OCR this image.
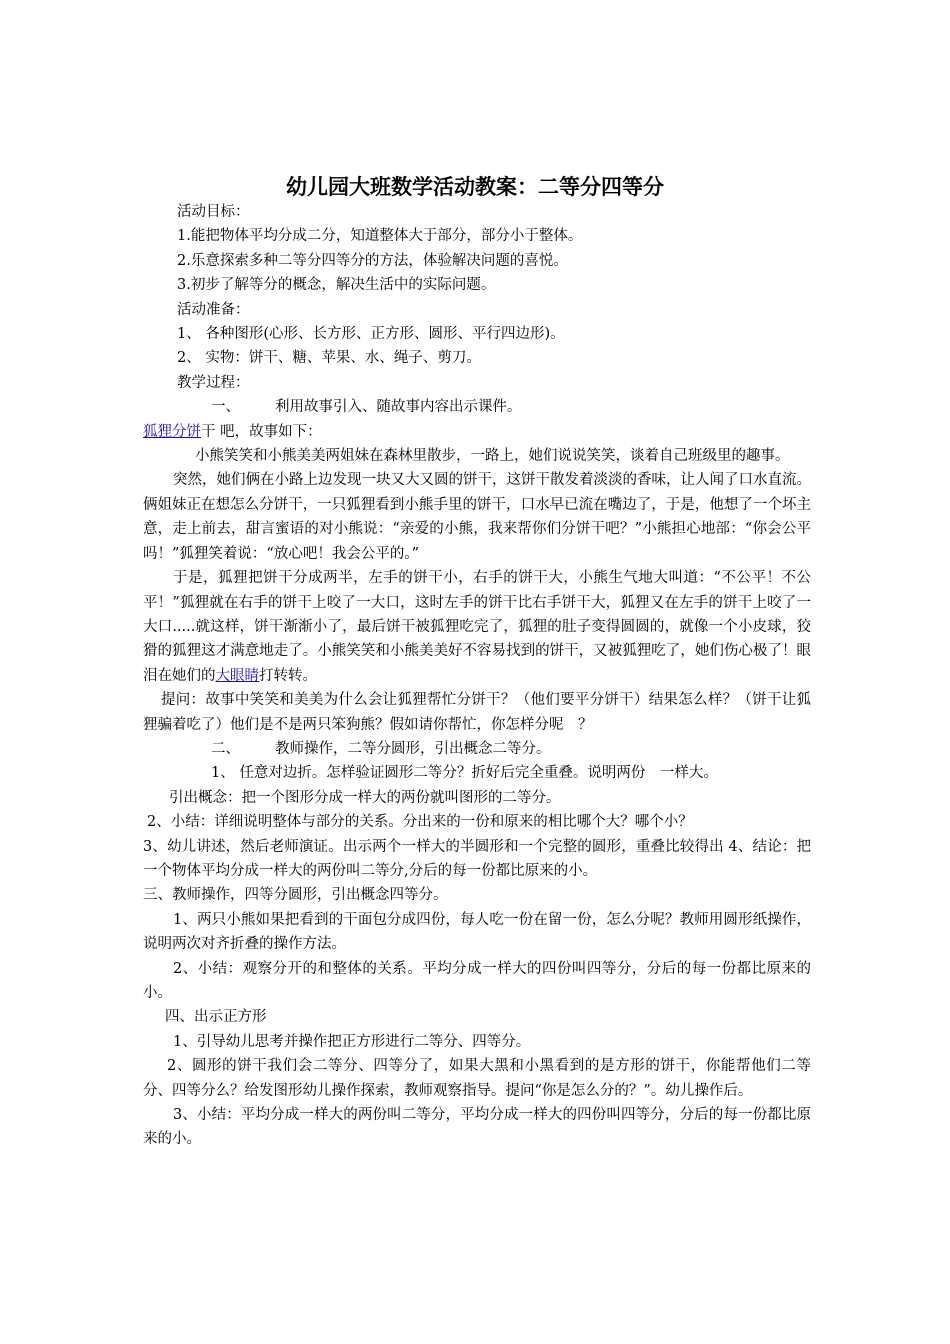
幼儿园大班数学活动教案：二等分四等分

活动目标：

1.能把物体平均分成二分，知道整体大于部分，部分小于整体。

2.乐意探索多种二等分四等分的方法，体验解决问题的喜悦。

3.初步了解等分的概念，解决生活中的实际问题。

活动准备：

1、 各种图形(心形、长方形、正方形、圆形、平行四边形)。

2、 实物：饼干、糖、苹果、水、绳子、剪刀。

教学过程：

一、 利用故事引入、随故事内容出示课件。

狐狸分饼干 吧，故事如下：

小熊笑笑和小熊美美两姐妹在森林里散步，一路上，她们说说笑笑，谈着自己班级里的趣事。

突然，她们俩在小路上边发现一块又大又圆的饼干，这饼干散发着淡淡的香味，让人闻了口水直流。俩姐妹正在想怎么分饼干，一只狐狸看到小熊手里的饼干，口水早已流在嘴边了，于是，他想了一个坏主意，走上前去，甜言蜜语的对小熊说：“亲爱的小熊，我来帮你们分饼干吧？”小熊担心地部：“你会公平吗！”狐狸笑着说：“放心吧！我会公平的。”

于是，狐狸把饼干分成两半，左手的饼干小，右手的饼干大，小熊生气地大叫道：“不公平！不公平！”狐狸就在右手的饼干上咬了一大口，这时左手的饼干比右手饼干大，狐狸又在左手的饼干上咬了一大口.....就这样，饼干渐渐小了，最后饼干被狐狸吃完了，狐狸的肚子变得圆圆的，就像一个小皮球，狡猾的狐狸这才满意地走了。小熊笑笑和小熊美美好不容易找到的饼干，又被狐狸吃了，她们伤心极了！眼泪在她们的大眼睛打转转。

提问：故事中笑笑和美美为什么会让狐狸帮忙分饼干？（他们要平分饼干）结果怎么样？（饼干让狐狸骗着吃了）他们是不是两只笨狗熊？假如请你帮忙，你怎样分呢　？

二、 教师操作，二等分圆形，引出概念二等分。

1、 任意对边折。怎样验证圆形二等分？折好后完全重叠。说明两份　一样大。

引出概念：把一个图形分成一样大的两份就叫图形的二等分。

2、小结：详细说明整体与部分的关系。分出来的一份和原来的相比哪个大？哪个小？

3、幼儿讲述，然后老师演证。出示两个一样大的半圆形和一个完整的圆形，重叠比较得出 4、结论：把一个物体平均分成一样大的两份叫二等分,分后的每一份都比原来的小。

三、教师操作，四等分圆形，引出概念四等分。

1、两只小熊如果把看到的干面包分成四份，每人吃一份在留一份，怎么分呢？教师用圆形纸操作，说明两次对齐折叠的操作方法。

2、小结：观察分开的和整体的关系。平均分成一样大的四份叫四等分，分后的每一份都比原来的小。

四、出示正方形

1、引导幼儿思考并操作把正方形进行二等分、四等分。

2、圆形的饼干我们会二等分、四等分了，如果大黑和小黑看到的是方形的饼干，你能帮他们二等分、四等分么？给发图形幼儿操作探索，教师观察指导。提问“你是怎么分的？”。幼儿操作后。

3、小结：平均分成一样大的两份叫二等分，平均分成一样大的四份叫四等分，分后的每一份都比原来的小。
